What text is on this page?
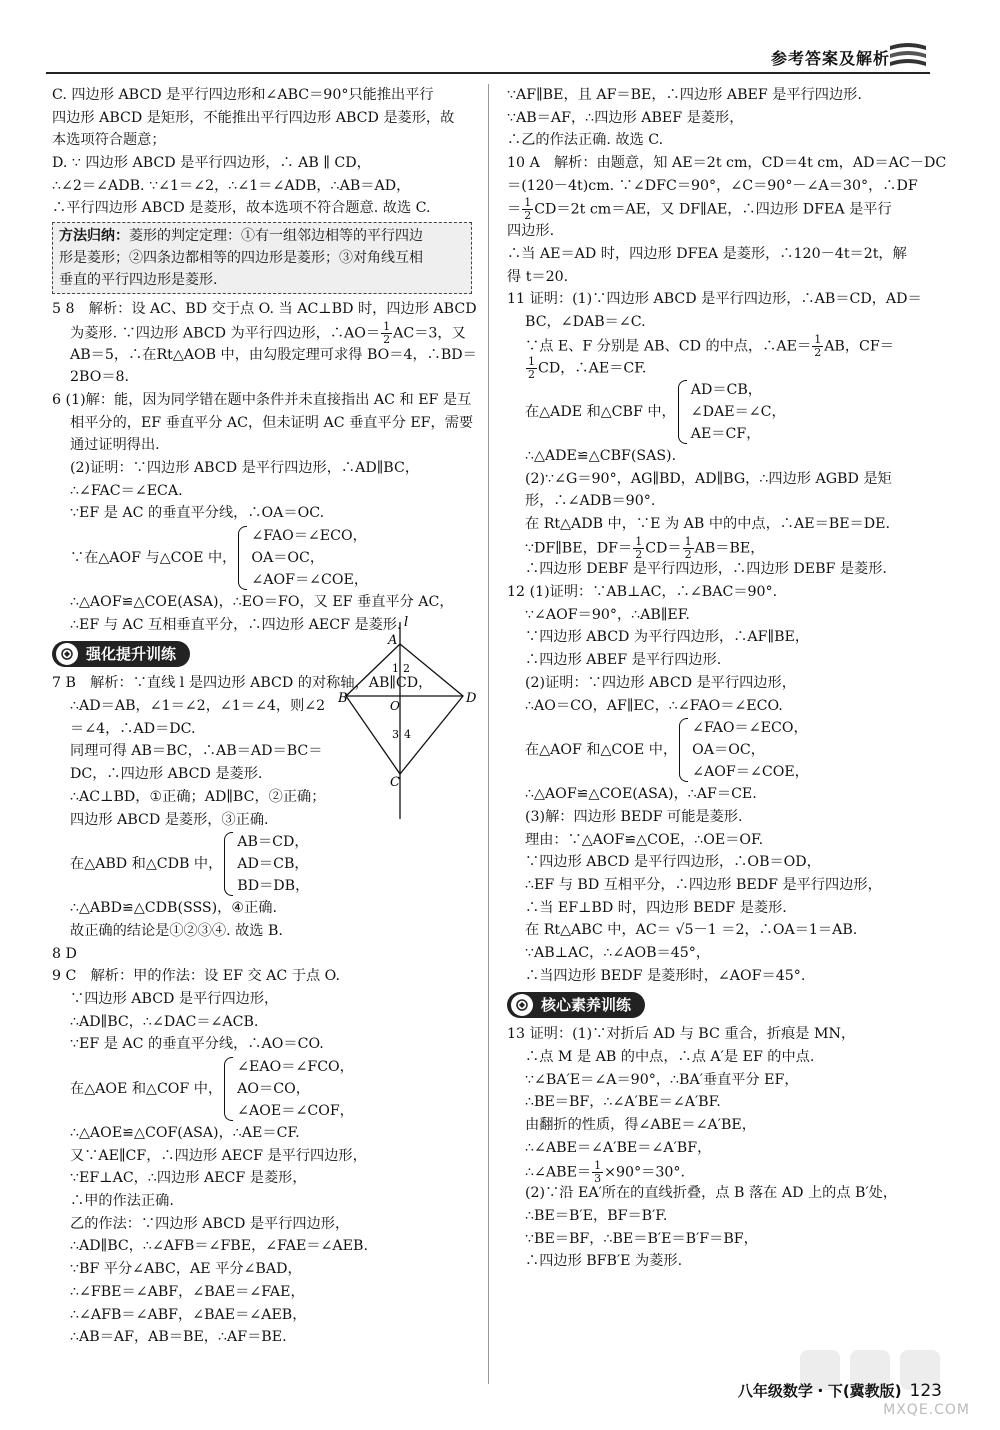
参考答案及解析
C. 四边形 ABCD 是平行四边形和∠ABC＝90°只能推出平行
四边形 ABCD 是矩形，不能推出平行四边形 ABCD 是菱形，故
本选项符合题意；
D. ∵ 四边形 ABCD 是平行四边形，∴ AB ∥ CD，
∴∠2＝∠ADB. ∵∠1＝∠2，∴∠1＝∠ADB，∴AB＝AD，
∴平行四边形 ABCD 是菱形，故本选项不符合题意. 故选 C.
方法归纳：菱形的判定定理：①有一组邻边相等的平行四边
形是菱形；②四条边都相等的四边形是菱形；③对角线互相
垂直的平行四边形是菱形.
5 8　解析：设 AC、BD 交于点 O. 当 AC⊥BD 时，四边形 ABCD
为菱形. ∵四边形 ABCD 为平行四边形，∴AO＝ $\frac{1}{2} AC=3$，又
AB＝5，∴在Rt△AOB 中，由勾股定理可求得 BO＝4，∴BD＝
2BO＝8.
6 (1)解：能，因为同学错在题中条件并未直接指出 AC 和 EF 是互
相平分的，EF 垂直平分 AC，但未证明 AC 垂直平分 EF，需要
通过证明得出.
(2)证明：∵四边形 ABCD 是平行四边形，∴AD∥BC，
∴∠FAC＝∠ECA.
∵EF 是 AC 的垂直平分线，∴OA＝OC.
∵在△AOF 与△COE 中，
∠FAO＝∠ECO，
OA＝OC，
∠AOF＝∠COE，
∴△AOF≌△COE(ASA)，∴EO＝FO，又 EF 垂直平分 AC，
∴EF 与 AC 互相垂直平分，∴四边形 AECF 是菱形.
强化提升训练
7 B　解析：∵直线 l 是四边形 ABCD 的对称轴，AB∥CD，
∴AD＝AB，∠1＝∠2，∠1＝∠4，则∠2
＝∠4，∴AD＝DC.
同理可得 AB＝BC，∴AB＝AD＝BC＝
DC，∴四边形 ABCD 是菱形.
∴AC⊥BD，①正确；AD∥BC，②正确；
四边形 ABCD 是菱形，③正确.
在△ABD 和△CDB 中，
AB＝CD，
AD＝CB，
BD＝DB，
∴△ABD≌△CDB(SSS)，④正确.
故正确的结论是①②③④. 故选 B.
8 D
9 C　解析：甲的作法：设 EF 交 AC 于点 O.
∵四边形 ABCD 是平行四边形，
∴AD∥BC，∴∠DAC＝∠ACB.
∵EF 是 AC 的垂直平分线，∴AO＝CO.
在△AOE 和△COF 中，
∠EAO＝∠FCO，
AO＝CO，
∠AOE＝∠COF，
∴△AOE≌△COF(ASA)，∴AE＝CF.
又∵AE∥CF，∴四边形 AECF 是平行四边形，
∵EF⊥AC，∴四边形 AECF 是菱形，
∴甲的作法正确.
乙的作法：∵四边形 ABCD 是平行四边形，
∴AD∥BC，∴∠AFB＝∠FBE，∠FAE＝∠AEB.
∵BF 平分∠ABC，AE 平分∠BAD，
∴∠FBE＝∠ABF，∠BAE＝∠FAE，
∴∠AFB＝∠ABF，∠BAE＝∠AEB，
∴AB＝AF，AB＝BE，∴AF＝BE.
l
A
B	D
C
O
1 2
3 4
∵AF∥BE，且 AF＝BE，∴四边形 ABEF 是平行四边形.
∵AB＝AF，∴四边形 ABEF 是菱形，
∴乙的作法正确. 故选 C.
10 A　解析：由题意，知 AE＝2t cm，CD＝4t cm，AD＝AC－DC
＝(120－4t)cm. ∵∠DFC＝90°，∠C＝90°－∠A＝30°，∴DF
＝ $\frac{1}{2} CD=2t$ cm＝AE，又 DF∥AE，∴四边形 DFEA 是平行
四边形.
∴当 AE＝AD 时，四边形 DFEA 是菱形，∴120－4t＝2t，解
得 t＝20.
11 证明：(1)∵四边形 ABCD 是平行四边形，∴AB＝CD，AD＝
BC，∠DAB＝∠C.
∵点 E、F 分别是 AB、CD 的中点，∴AE＝ $\frac{1}{2}$ AB，CF＝
$\frac{1}{2}$ CD，∴AE＝CF.
在△ADE 和△CBF 中，
AD＝CB，
∠DAE＝∠C，
AE＝CF，
∴△ADE≌△CBF(SAS).
(2)∵∠G＝90°，AG∥BD，AD∥BG，∴四边形 AGBD 是矩
形，∴∠ADB＝90°.
在 Rt△ADB 中，∵E 为 AB 中的中点，∴AE＝BE＝DE.
∵DF∥BE，$DF= \frac{1}{2} CD= \frac{1}{2} AB=BE$，
∴四边形 DEBF 是平行四边形，∴四边形 DEBF 是菱形.
12 (1)证明：∵AB⊥AC，∴∠BAC＝90°.
∵∠AOF＝90°，∴AB∥EF.
∵四边形 ABCD 为平行四边形，∴AF∥BE，
∴四边形 ABEF 是平行四边形.
(2)证明：∵四边形 ABCD 是平行四边形，
∴AO＝CO，AF∥EC，∴∠FAO＝∠ECO.
在△AOF 和△COE 中，
∠FAO＝∠ECO，
OA＝OC，
∠AOF＝∠COE，
∴△AOF≌△COE(ASA)，∴AF＝CE.
(3)解：四边形 BEDF 可能是菱形.
理由：∵△AOF≌△COE，∴OE＝OF.
∵四边形 ABCD 是平行四边形，∴OB＝OD，
∴EF 与 BD 互相平分，∴四边形 BEDF 是平行四边形，
∴当 EF⊥BD 时，四边形 BEDF 是菱形.
在 Rt△ABC 中，AC＝ √5－1 ＝2，∴OA＝1＝AB.
∵AB⊥AC，∴∠AOB＝45°，
∴当四边形 BEDF 是菱形时，∠AOF＝45°.
核心素养训练
13 证明：(1)∵对折后 AD 与 BC 重合，折痕是 MN，
∴点 M 是 AB 的中点，∴点 A′是 EF 的中点.
∵∠BA′E＝∠A＝90°，∴BA′垂直平分 EF，
∴BE＝BF，∴∠A′BE＝∠A′BF.
由翻折的性质，得∠ABE＝∠A′BE，
∴∠ABE＝∠A′BE＝∠A′BF，
∴∠ABE＝ $\frac{1}{3} \times 90^\circ=30^\circ$.
(2)∵沿 EA′所在的直线折叠，点 B 落在 AD 上的点 B′处，
∴BE＝B′E，BF＝B′F.
∵BE＝BF，∴BE＝B′E＝B′F＝BF，
∴四边形 BFB′E 为菱形.
MXQE.COM
八年级数学・下(冀教版) 123
